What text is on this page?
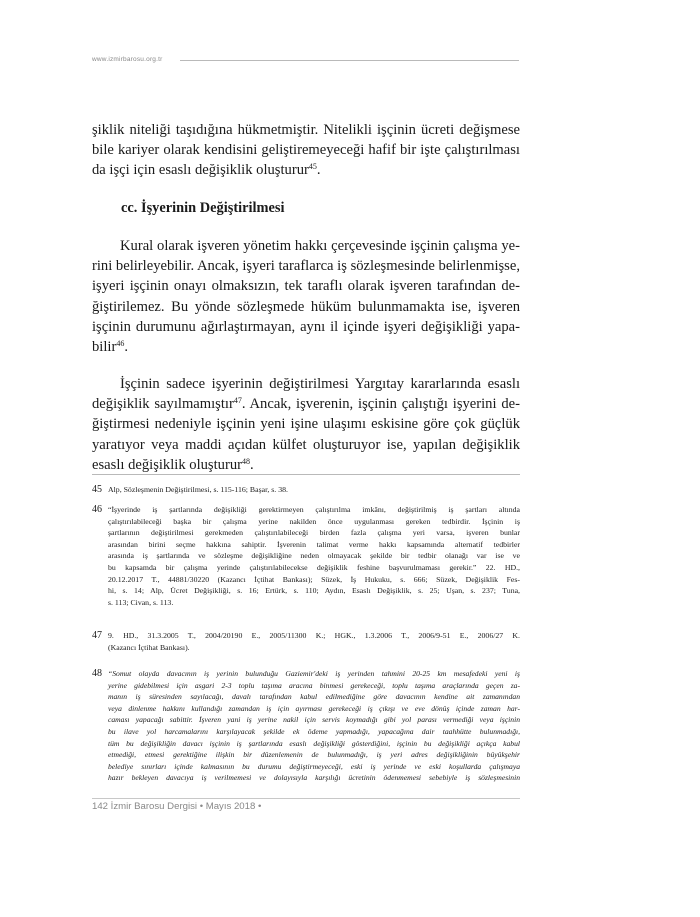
www.izmirbarosu.org.tr
şiklik niteliği taşıdığına hükmetmiştir. Nitelikli işçinin ücreti değişmese
bile kariyer olarak kendisini geliştiremeyeceği hafif bir işte çalıştırılması
da işçi için esaslı değişiklik oluşturur$^{45}$.
cc. İşyerinin Değiştirilmesi
Kural olarak işveren yönetim hakkı çerçevesinde işçinin çalışma ye-
rini belirleyebilir. Ancak, işyeri taraflarca iş sözleşmesinde belirlenmişse,
işyeri işçinin onayı olmaksızın, tek taraflı olarak işveren tarafından de-
ğiştirilemez. Bu yönde sözleşmede hüküm bulunmamakta ise, işveren
işçinin durumunu ağırlaştırmayan, aynı il içinde işyeri değişikliği yapa-
bilir$^{46}$.
İşçinin sadece işyerinin değiştirilmesi Yargıtay kararlarında esaslı
değişiklik sayılmamıştır$^{47}$. Ancak, işverenin, işçinin çalıştığı işyerini de-
ğiştirmesi nedeniyle işçinin yeni işine ulaşımı eskisine göre çok güçlük
yaratıyor veya maddi açıdan külfet oluşturuyor ise, yapılan değişiklik
esaslı değişiklik oluşturur$^{48}$.
45 Alp, Sözleşmenin Değiştirilmesi, s. 115-116; Başar, s. 38.
46 “İşyerinde iş şartlarında değişikliği gerektirmeyen çalıştırılma imkânı, değiştirilmiş iş şartları altında
çalıştırılabileceği başka bir çalışma yerine nakilden önce uygulanması gereken tedbirdir. İşçinin iş
şartlarının değiştirilmesi gerekmeden çalıştırılabileceği birden fazla çalışma yeri varsa, işveren bunlar
arasından birini seçme hakkına sahiptir. İşverenin talimat verme hakkı kapsamında alternatif tedbirler
arasında iş şartlarında ve sözleşme değişikliğine neden olmayacak şekilde bir tedbir olanağı var ise ve
bu kapsamda bir çalışma yerinde çalıştırılabilecekse değişiklik feshine başvurulmaması gerekir.” 22. HD.,
20.12.2017 T., 44881/30220 (Kazancı İçtihat Bankası); Süzek, İş Hukuku, s. 666; Süzek, Değişiklik Fes-
hi, s. 14; Alp, Ücret Değişikliği, s. 16; Ertürk, s. 110; Aydın, Esaslı Değişiklik, s. 25; Uşan, s. 237; Tuna,
s. 113; Civan, s. 113.
47 9. HD., 31.3.2005 T., 2004/20190 E., 2005/11300 K.; HGK., 1.3.2006 T., 2006/9-51 E., 2006/27 K.
(Kazancı İçtihat Bankası).
48 “Somut olayda davacının iş yerinin bulunduğu Gaziemir'deki iş yerinden tahmini 20-25 km mesafedeki yeni iş
yerine gidebilmesi için asgari 2-3 toplu taşıma aracına binmesi gerekeceği, toplu taşıma araçlarında geçen za-
manın iş süresinden sayılacağı, davalı tarafından kabul edilmediğine göre davacının kendine ait zamanından
veya dinlenme hakkını kullandığı zamandan iş için ayırması gerekeceği iş çıkışı ve eve dönüş içinde zaman har-
caması yapacağı sabittir. İşveren yani iş yerine nakil için servis koymadığı gibi yol parası vermediği veya işçinin
bu ilave yol harcamalarını karşılayacak şekilde ek ödeme yapmadığı, yapacağına dair taahhütte bulunmadığı,
tüm bu değişikliğin davacı işçinin iş şartlarında esaslı değişikliği gösterdiğini, işçinin bu değişikliği açıkça kabul
etmediği, etmesi gerektiğine ilişkin bir düzenlemenin de bulunmadığı, iş yeri adres değişikliğinin büyükşehir
belediye sınırları içinde kalmasının bu durumu değiştirmeyeceği, eski iş yerinde ve eski koşullarda çalışmaya
hazır bekleyen davacıya iş verilmemesi ve dolayısıyla karşılığı ücretinin ödenmemesi sebebiyle iş sözleşmesinin
142 İzmir Barosu Dergisi • Mayıs 2018 •
